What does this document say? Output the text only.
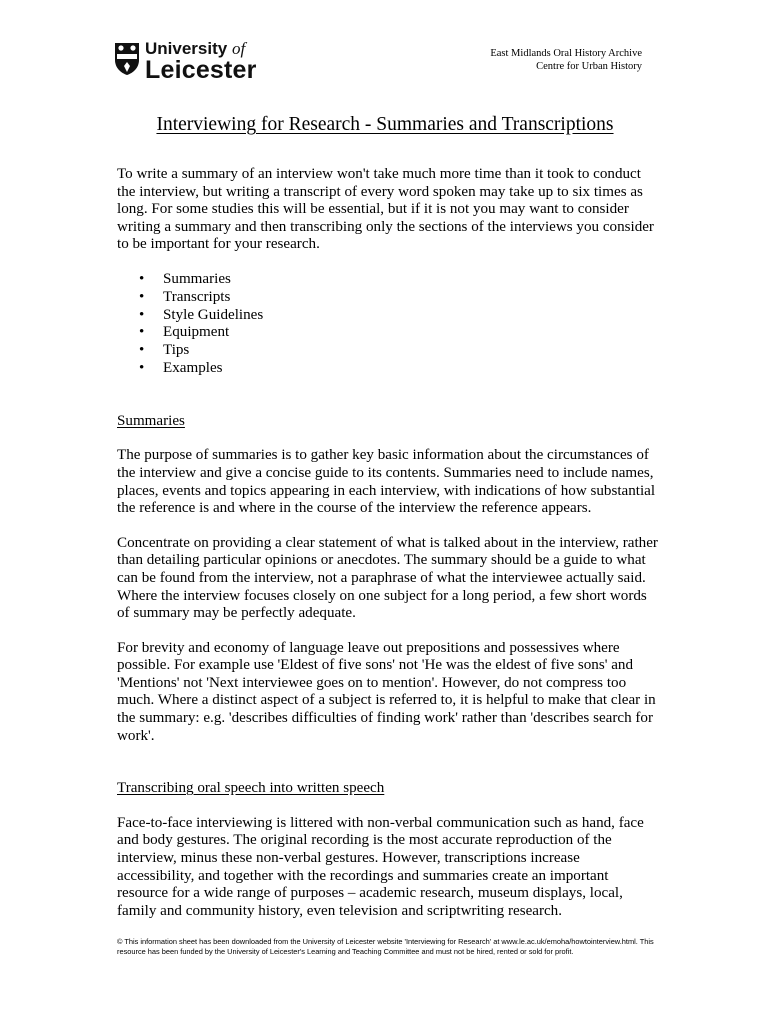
University of
Leicester
East Midlands Oral History Archive
Centre for Urban History
Interviewing for Research - Summaries and Transcriptions

To write a summary of an interview won't take much more time than it took to conduct the interview, but writing a transcript of every word spoken may take up to six times as long. For some studies this will be essential, but if it is not you may want to consider writing a summary and then transcribing only the sections of the interviews you consider to be important for your research.

• Summaries
• Transcripts
• Style Guidelines
• Equipment
• Tips
• Examples

Summaries

The purpose of summaries is to gather key basic information about the circumstances of the interview and give a concise guide to its contents. Summaries need to include names, places, events and topics appearing in each interview, with indications of how substantial the reference is and where in the course of the interview the reference appears.

Concentrate on providing a clear statement of what is talked about in the interview, rather than detailing particular opinions or anecdotes. The summary should be a guide to what can be found from the interview, not a paraphrase of what the interviewee actually said. Where the interview focuses closely on one subject for a long period, a few short words of summary may be perfectly adequate.

For brevity and economy of language leave out prepositions and possessives where possible. For example use 'Eldest of five sons' not 'He was the eldest of five sons' and 'Mentions' not 'Next interviewee goes on to mention'. However, do not compress too much. Where a distinct aspect of a subject is referred to, it is helpful to make that clear in the summary: e.g. 'describes difficulties of finding work' rather than 'describes search for work'.

Transcribing oral speech into written speech

Face-to-face interviewing is littered with non-verbal communication such as hand, face and body gestures. The original recording is the most accurate reproduction of the interview, minus these non-verbal gestures. However, transcriptions increase accessibility, and together with the recordings and summaries create an important resource for a wide range of purposes – academic research, museum displays, local, family and community history, even television and scriptwriting research.

© This information sheet has been downloaded from the University of Leicester website 'Interviewing for Research' at www.le.ac.uk/emoha/howtointerview.html. This resource has been funded by the University of Leicester's Learning and Teaching Committee and must not be hired, rented or sold for profit.
